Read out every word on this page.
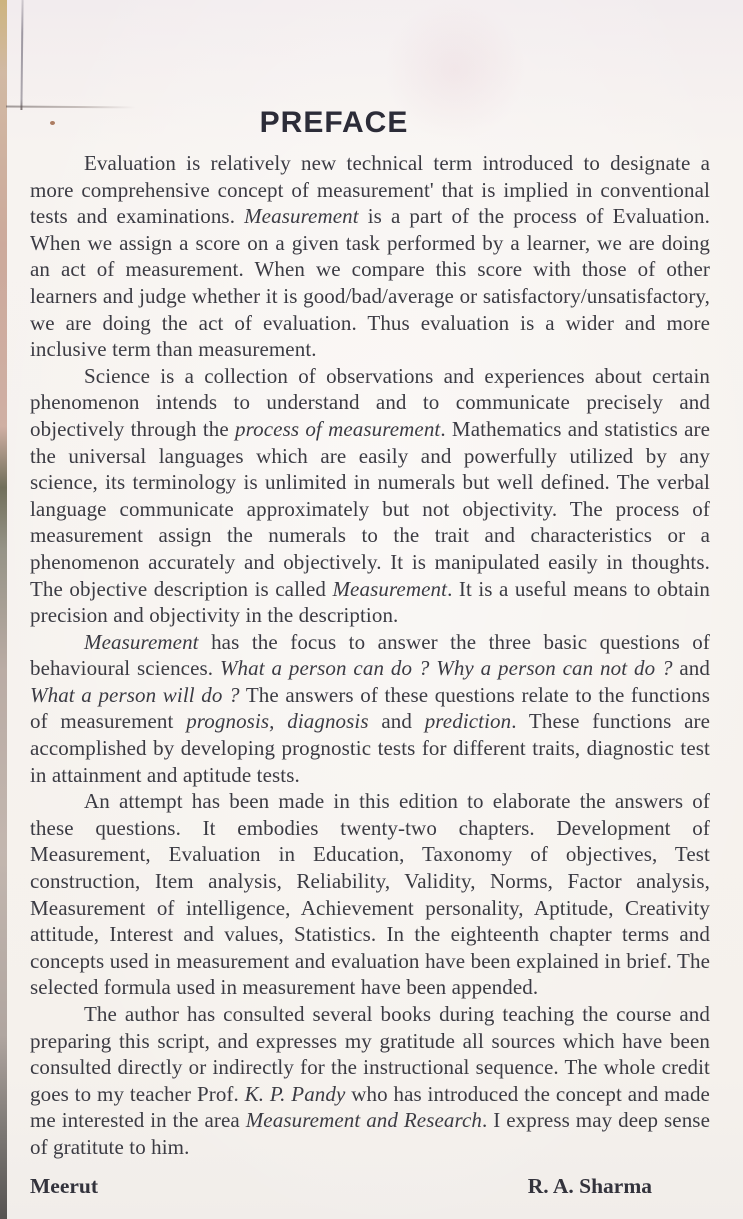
PREFACE

Evaluation is relatively new technical term introduced to designate a more comprehensive concept of measurement' that is implied in conventional tests and examinations. Measurement is a part of the process of Evaluation. When we assign a score on a given task performed by a learner, we are doing an act of measurement. When we compare this score with those of other learners and judge whether it is good/bad/average or satisfactory/unsatisfactory, we are doing the act of evaluation. Thus evaluation is a wider and more inclusive term than measurement.

Science is a collection of observations and experiences about certain phenomenon intends to understand and to communicate precisely and objectively through the process of measurement. Mathematics and statistics are the universal languages which are easily and powerfully utilized by any science, its terminology is unlimited in numerals but well defined. The verbal language communicate approximately but not objectivity. The process of measurement assign the numerals to the trait and characteristics or a phenomenon accurately and objectively. It is manipulated easily in thoughts. The objective description is called Measurement. It is a useful means to obtain precision and objectivity in the description.

Measurement has the focus to answer the three basic questions of behavioural sciences. What a person can do ? Why a person can not do ? and What a person will do ? The answers of these questions relate to the functions of measurement prognosis, diagnosis and prediction. These functions are accomplished by developing prognostic tests for different traits, diagnostic test in attainment and aptitude tests.

An attempt has been made in this edition to elaborate the answers of these questions. It embodies twenty-two chapters. Development of Measurement, Evaluation in Education, Taxonomy of objectives, Test construction, Item analysis, Reliability, Validity, Norms, Factor analysis, Measurement of intelligence, Achievement personality, Aptitude, Creativity attitude, Interest and values, Statistics. In the eighteenth chapter terms and concepts used in measurement and evaluation have been explained in brief. The selected formula used in measurement have been appended.

The author has consulted several books during teaching the course and preparing this script, and expresses my gratitude all sources which have been consulted directly or indirectly for the instructional sequence. The whole credit goes to my teacher Prof. K. P. Pandy who has introduced the concept and made me interested in the area Measurement and Research. I express may deep sense of gratitute to him.

Meerut	R. A. Sharma
